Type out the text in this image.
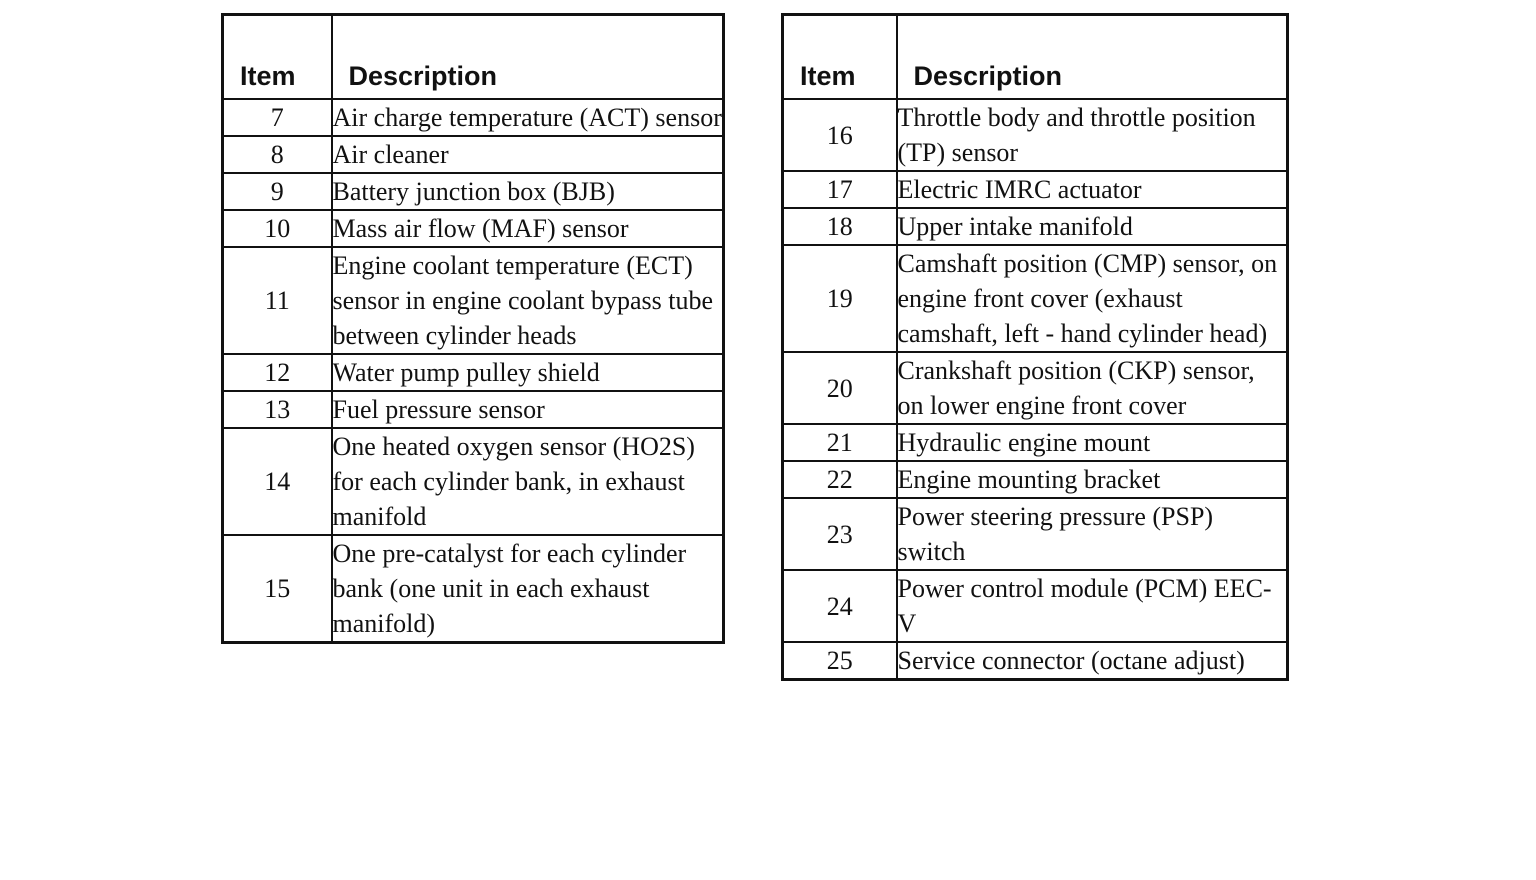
Item	Description
7	Air charge temperature (ACT) sensor
8	Air cleaner
9	Battery junction box (BJB)
10	Mass air flow (MAF) sensor
11	Engine coolant temperature (ECT) sensor in engine coolant bypass tube between cylinder heads
12	Water pump pulley shield
13	Fuel pressure sensor
14	One heated oxygen sensor (HO2S) for each cylinder bank, in exhaust manifold
15	One pre-catalyst for each cylinder bank (one unit in each exhaust manifold)
Item	Description
16	Throttle body and throttle position (TP) sensor
17	Electric IMRC actuator
18	Upper intake manifold
19	Camshaft position (CMP) sensor, on engine front cover (exhaust camshaft, left - hand cylinder head)
20	Crankshaft position (CKP) sensor, on lower engine front cover
21	Hydraulic engine mount
22	Engine mounting bracket
23	Power steering pressure (PSP) switch
24	Power control module (PCM) EEC-V
25	Service connector (octane adjust)
